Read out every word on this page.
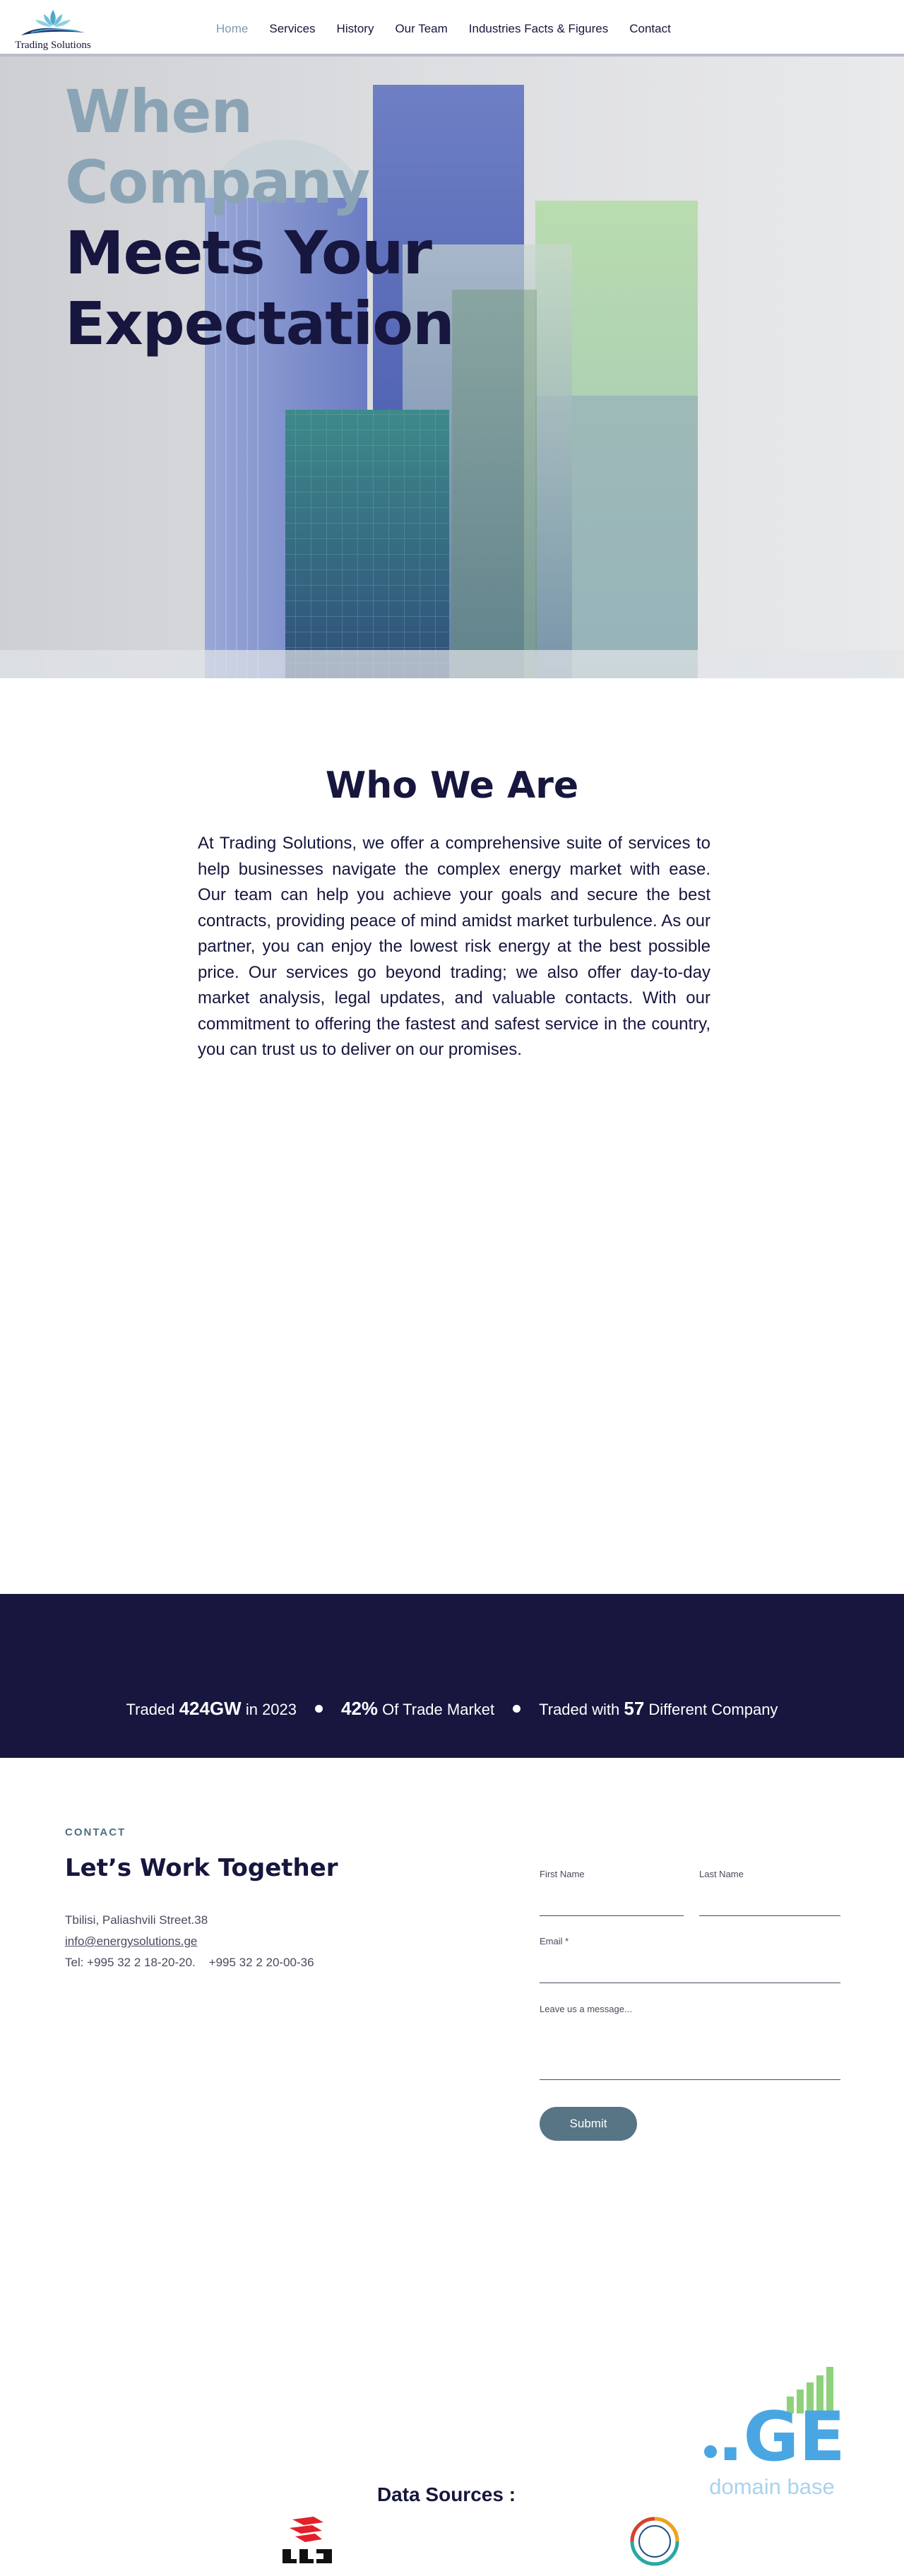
Trading Solutions
Home Services History Our Team Industries Facts & Figures Contact
When
Company
Meets Your
Expectation
Who We Are

At Trading Solutions, we offer a comprehensive suite of services to help businesses navigate the complex energy market with ease. Our team can help you achieve your goals and secure the best contracts, providing peace of mind amidst market turbulence. As our partner, you can enjoy the lowest risk energy at the best possible price. Our services go beyond trading; we also offer day-to-day market analysis, legal updates, and valuable contacts. With our commitment to offering the fastest and safest service in the country, you can trust us to deliver on our promises.

Traded 424GW in 2023 42% Of Trade Market	Traded with 57 Different Company
CONTACT
Let’s Work Together
Tbilisi, Paliashvili Street.38
info@energysolutions.ge
Tel: +995 32 2 18-20-20.    +995 32 2 20-00-36
First Name	Last Name
Email *
Leave us a message...
Submit
.GE
domain base
Data Sources :
